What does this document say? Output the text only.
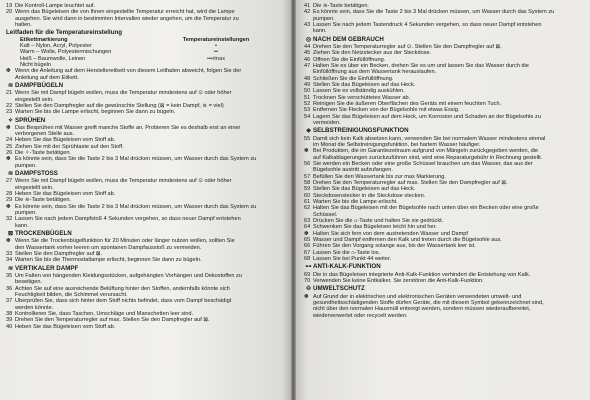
19 Die Kontroll-Lampe leuchtet auf.
20 Wenn das Bügeleisen die von Ihnen eingestellte Temperatur erreicht hat, wird die Lampe
ausgehen. Sie wird dann in bestimmten Intervallen wieder angehen, um die Temperatur zu
halten.
Leitfaden für die Temperatureinstellung
Etikettmarkierung	Temperatureinstellungen
Kalt – Nylon, Acryl, Polyester	•
Warm – Wolle, Polyestermischungen	••
Heiß – Baumwolle, Leinen	•••/max
Nicht bügeln
✽ Wenn die Anleitung auf dem Herstelleretikett von diesem Leitfaden abweicht, folgen Sie der
Anleitung auf dem Etikett.
≋ DAMPFBÜGELN
21 Wenn Sie mit Dampf bügeln wollen, muss die Temperatur mindestens auf ⊙ oder höher
eingestellt sein.
22 Stellen Sie den Dampfregler auf die gewünschte Stellung (⊠ = kein Dampf, ≋ = viel)
23 Warten Sie bis die Lampe erlischt, beginnen Sie dann zu bügeln.
✧ SPRÜHEN
✽ Das Besprühen mit Wasser greift manche Stoffe an. Probieren Sie es deshalb erst an einer
verborgenen Stelle aus.
24 Heben Sie das Bügeleisen vom Stoff ab.
25 Ziehen Sie mit der Sprühtaste auf den Stoff.
26 Die ✧-Taste betätigen.
✽ Es könnte sein, dass Sie die Taste 2 bis 3 Mal drücken müssen, um Wasser durch das System zu
pumpen.
≋ DAMPFSTOSS
27 Wenn Sie mit Dampf bügeln wollen, muss die Temperatur mindestens auf ⊙ oder höher
eingestellt sein.
28 Heben Sie das Bügeleisen vom Stoff ab.
29 Die ≋-Taste betätigen.
✽ Es könnte sein, dass Sie die Taste 2 bis 3 Mal drücken müssen, um Wasser durch das System zu
pumpen.
32 Lassen Sie nach jedem Dampfstoß 4 Sekunden vergehen, so dass neuer Dampf entstehen
kann.
⊠ TROCKENBÜGELN
✽ Wenn Sie die Trockenbügelfunktion für 20 Minuten oder länger nutzen wollen, sollten Sie
den Wassertank vorher leeren um spontanen Dampfausstoß zu vermeiden.
33 Stellen Sie den Dampfregler auf ⊠.
34 Warten Sie bis die Thermostatlampe erlischt, beginnen Sie dann zu bügeln.
≋ VERTIKALER DAMPF
35 Um Falten von hängenden Kleidungsstücken, aufgehängten Vorhängen und Dekostoffen zu
beseitigen.
36 Achten Sie auf eine ausreichende Belüftung hinter den Stoffen, andernfalls könnte sich
Feuchtigkeit bilden, die Schimmel verursacht.
37 Überprüfen Sie, dass sich hinter dem Stoff nichts befindet, dass vom Dampf beschädigt
werden könnte.
38 Kontrollieren Sie, dass Taschen, Umschläge und Manschetten leer sind.
39 Drehen Sie den Temperaturregler auf max. Stellen Sie den Dampfregler auf ⊠.
40 Heben Sie das Bügeleisen vom Stoff ab.
41 Die ≋-Taste betätigen.
42 Es könnte sein, dass Sie die Taste 2 bis 3 Mal drücken müssen, um Wasser durch das System zu
pumpen.
43 Lassen Sie nach jedem Tastendruck 4 Sekunden vergehen, so dass neuer Dampf entstehen
kann.
◎ NACH DEM GEBRAUCH
44 Drehen Sie den Temperaturregler auf ⊙. Stellen Sie den Dampfregler auf ⊠.
45 Ziehen Sie den Netzstecker aus der Steckdose.
46 Öffnen Sie die Einfüllöffnung.
47 Halten Sie es über ein Becken, drehen Sie es um und lassen Sie das Wasser durch die
Einfüllöffnung aus dem Wassertank herauslaufen.
48 Schließen Sie die Einfüllöffnung.
49 Stellen Sie das Bügeleisen auf das Heck.
50 Lassen Sie es vollständig auskühlen.
51 Trocknen Sie verschüttetes Wasser ab.
52 Reinigen Sie die äußeren Oberflächen des Geräts mit einem feuchten Tuch.
53 Entfernen Sie Flecken von der Bügelsohle mit etwas Essig.
54 Lagern Sie das Bügeleisen auf dem Heck, um Korrosion und Schaden an der Bügelsohle zu
vermeiden.
◈ SELBSTREINIGUNGSFUNKTION
55 Damit sich kein Kalk absetzen kann, verwenden Sie bei normalem Wasser mindestens einmal
im Monat die Selbstreinigungsfunktion, bei hartem Wasser häufiger.
✽ Bei Produkten, die im Garantiezeitraum aufgrund von Mängeln zurückgegeben werden, die
auf Kalkablagerungen zurückzuführen sind, wird eine Reparaturgebühr in Rechnung gestellt.
56 Sie werden ein Becken oder eine große Schüssel brauchen um das Wasser, das aus der
Bügelsohle austritt aufzufangen.
57 Befüllen Sie den Wassertank bis zur max Markierung.
58 Drehen Sie den Temperaturregler auf max. Stellen Sie den Dampfregler auf ⊠.
59 Stellen Sie das Bügeleisen auf das Heck.
60 Steckdosenstecker in die Steckdose stecken.
61 Warten Sie bis die Lampe erlischt.
62 Halten Sie das Bügeleisen mit der Bügelsohle nach unten über ein Becken oder eine große
Schüssel.
63 Drücken Sie die ⌂-Taste und halten Sie sie gedrückt.
64 Schwenken Sie das Bügeleisen leicht hin und her.
✽ Halten Sie sich fern von dem austretenden Wasser und Dampf
65 Wasser und Dampf entfernen den Kalk und treten durch die Bügelsohle aus.
66 Führen Sie den Vorgang solange aus, bis der Wassertank leer ist.
67 Lassen Sie die ⌂-Taste los.
68 Lassen Sie bei Punkt 44 weiter.
⊷ ANTI-KALK-FUNKTION
69 Die in das Bügeleisen integrierte Anti-Kalk-Funktion verhindert die Entstehung von Kalk.
70 Verwenden Sie keine Entkalker. Sie zerstören die Anti-Kalk-Funktion.
♲ UMWELTSCHUTZ
✽ Auf Grund der in elektrischen und elektronischen Geräten verwendeten umwelt- und
gesundheitsschädigenden Stoffe dürfen Geräte, die mit diesem Symbol gekennzeichnet sind,
nicht über den normalen Hausmüll entsorgt werden, sondern müssen wiederaufbereitet,
wiederverwertet oder recycelt werden.
